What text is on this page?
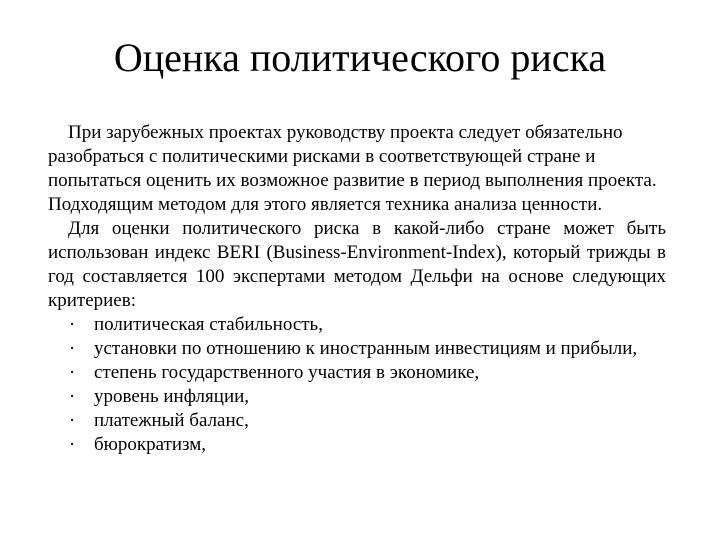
Оценка политического риска

При зарубежных проектах руководству проекта следует обязательно разобраться с политическими рисками в соответствующей стране и попытаться оценить их возможное развитие в период выполнения проекта. Подходящим методом для этого является техника анализа ценности.

Для оценки политического риска в какой-либо стране может быть использован индекс BERI (Business-Environment-Index), который трижды в год составляется 100 экспертами методом Дельфи на основе следующих критериев:

· политическая стабильность,
· установки по отношению к иностранным инвестициям и прибыли,
· степень государственного участия в экономике,
· уровень инфляции,
· платежный баланс,
· бюрократизм,
